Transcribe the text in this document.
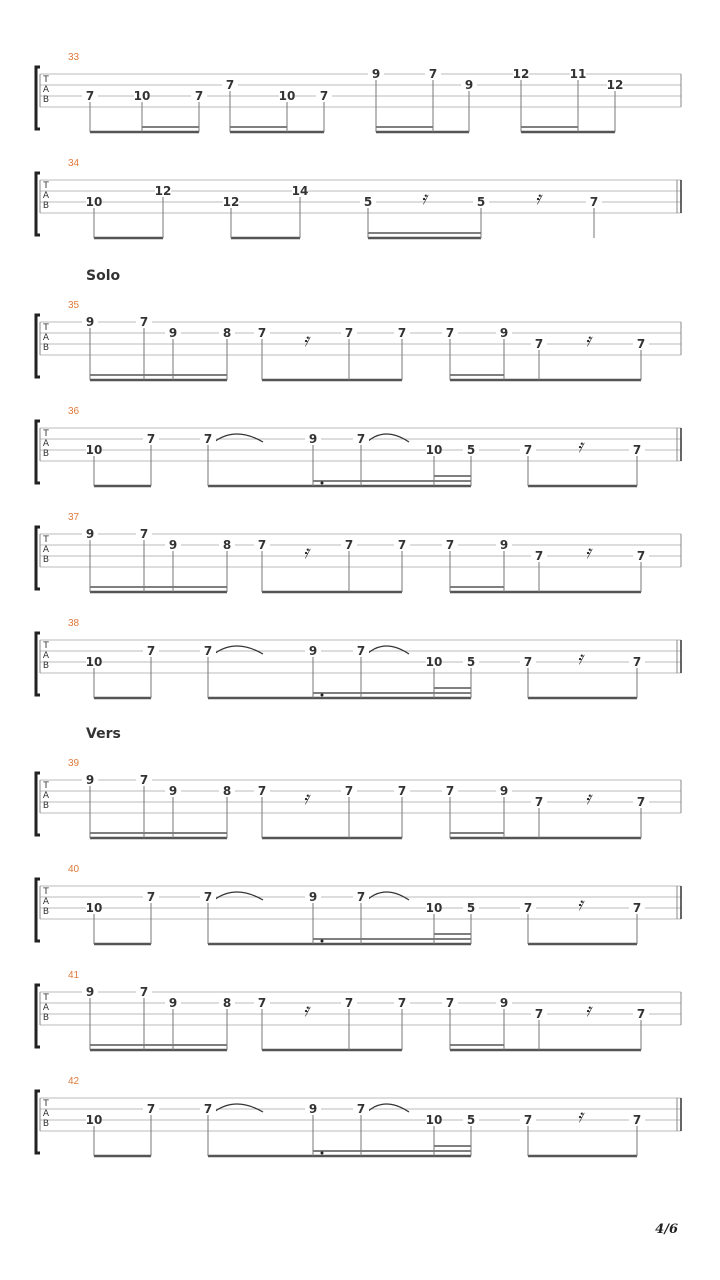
33
T
A
B	7	10	7
7
10 7
9	7
9
12	11
12
34
T
A
B	𝄿	𝄿
10
12
12
14
5	5	7
Solo
35
T
A
B	𝄿	𝄿
9	7
9	8 7	7	7	7	9
7	7
36
T
A
B	𝄿
10
7	7	9	7
10 5	7	7
37
T
A
B	𝄿	𝄿
9	7
9	8 7	7	7	7	9
7	7
38
T
A
B	𝄿
10
7	7	9	7
10 5	7	7
Vers
39
T
A
B	𝄿	𝄿
9	7
9	8 7	7	7	7	9
7	7
40
T
A
B	𝄿
10
7	7	9	7
10 5	7	7
41
T
A
B	𝄿	𝄿
9	7
9	8 7	7	7	7	9
7	7
42
T
A
B	𝄿
10
7	7	9	7
10 5	7	7
4/6
